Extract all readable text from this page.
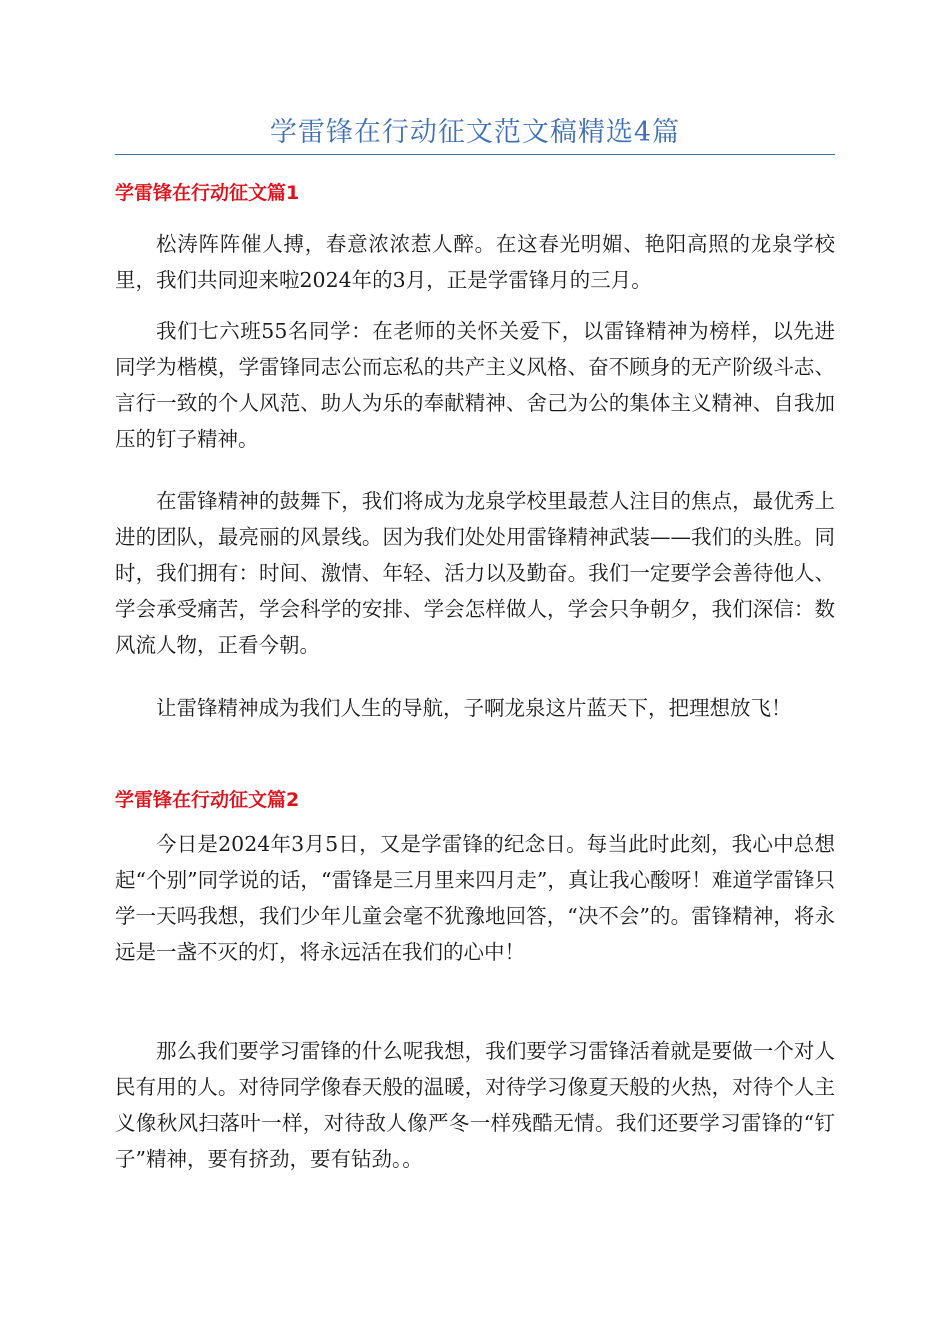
学雷锋在行动征文范文稿精选4篇
学雷锋在行动征文篇1

松涛阵阵催人搏，春意浓浓惹人醉。在这春光明媚、艳阳高照的龙泉学校里，我们共同迎来啦2024年的3月，正是学雷锋月的三月。

我们七六班55名同学：在老师的关怀关爱下，以雷锋精神为榜样，以先进同学为楷模，学雷锋同志公而忘私的共产主义风格、奋不顾身的无产阶级斗志、言行一致的个人风范、助人为乐的奉献精神、舍己为公的集体主义精神、自我加压的钉子精神。

在雷锋精神的鼓舞下，我们将成为龙泉学校里最惹人注目的焦点，最优秀上进的团队，最亮丽的风景线。因为我们处处用雷锋精神武装——我们的头胜。同时，我们拥有：时间、激情、年轻、活力以及勤奋。我们一定要学会善待他人、学会承受痛苦，学会科学的安排、学会怎样做人，学会只争朝夕，我们深信：数风流人物，正看今朝。

让雷锋精神成为我们人生的导航，子啊龙泉这片蓝天下，把理想放飞！

学雷锋在行动征文篇2

今日是2024年3月5日，又是学雷锋的纪念日。每当此时此刻，我心中总想起“个别”同学说的话，“雷锋是三月里来四月走”，真让我心酸呀！难道学雷锋只学一天吗我想，我们少年儿童会毫不犹豫地回答，“决不会”的。雷锋精神，将永远是一盏不灭的灯，将永远活在我们的心中！

那么我们要学习雷锋的什么呢我想，我们要学习雷锋活着就是要做一个对人民有用的人。对待同学像春天般的温暖，对待学习像夏天般的火热，对待个人主义像秋风扫落叶一样，对待敌人像严冬一样残酷无情。我们还要学习雷锋的“钉子”精神，要有挤劲，要有钻劲。。
